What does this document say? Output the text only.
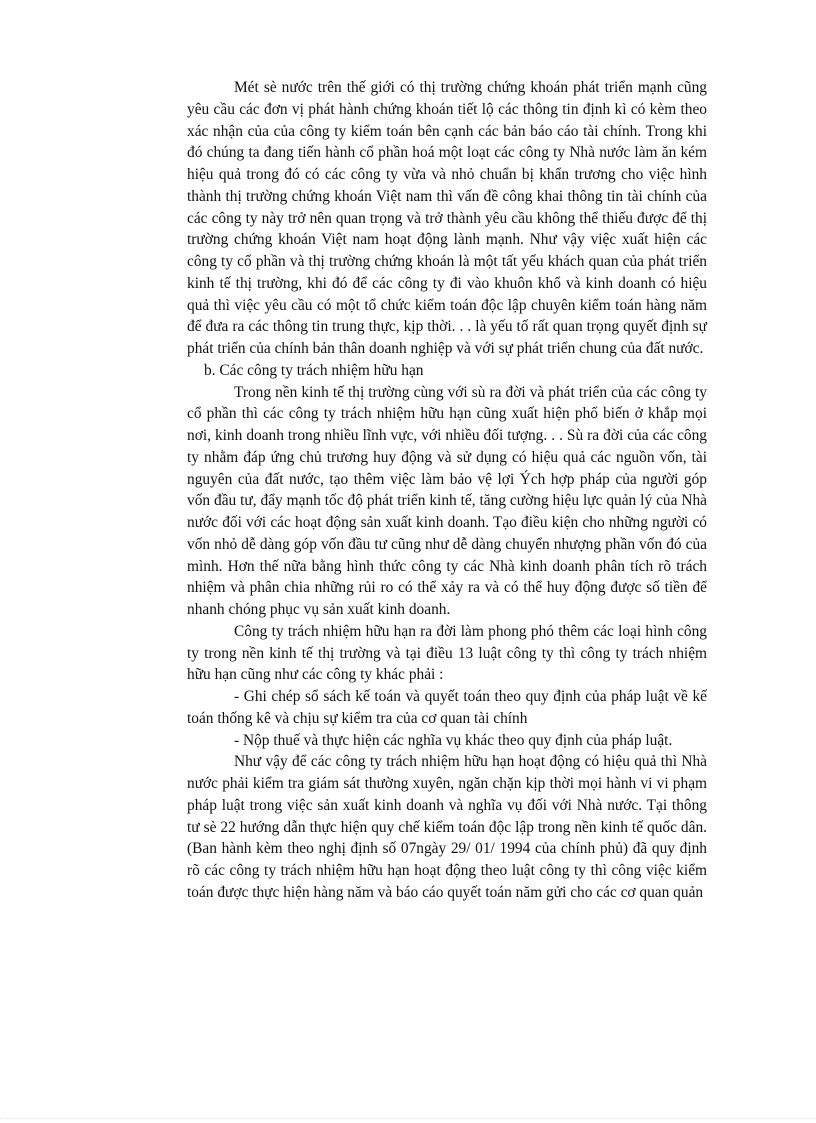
Mét sè nước trên thế giới có thị trường chứng khoán phát triển mạnh cũng yêu cầu các đơn vị phát hành chứng khoán tiết lộ các thông tin định kì có kèm theo xác nhận của của công ty kiểm toán bên cạnh các bản báo cáo tài chính. Trong khi đó chúng ta đang tiến hành cổ phần hoá một loạt các công ty Nhà nước làm ăn kém hiệu quả trong đó có các công ty vừa và nhỏ chuẩn bị khẩn trương cho việc hình thành thị trường chứng khoán Việt nam thì vấn đề công khai thông tin tài chính của các công ty này trở nên quan trọng và trở thành yêu cầu không thể thiếu được để thị trường chứng khoán Việt nam hoạt động lành mạnh. Như vậy việc xuất hiện các công ty cổ phần và thị trường chứng khoán là một tất yếu khách quan của phát triển kinh tế thị trường, khi đó để các công ty đi vào khuôn khổ và kinh doanh có hiệu quả thì việc yêu cầu có một tổ chức kiểm toán độc lập chuyên kiểm toán hàng năm để đưa ra các thông tin trung thực, kịp thời. . . là yếu tố rất quan trọng quyết định sự phát triển của chính bản thân doanh nghiệp và với sự phát triển chung của đất nước.

b. Các công ty trách nhiệm hữu hạn

Trong nền kinh tế thị trường cùng với sù ra đời và phát triển của các công ty cổ phần thì các công ty trách nhiệm hữu hạn cũng xuất hiện phổ biến ở khắp mọi nơi, kinh doanh trong nhiều lĩnh vực, với nhiều đối tượng. . . Sù ra đời của các công ty nhằm đáp ứng chủ trương huy động và sử dụng có hiệu quả các nguồn vốn, tài nguyên của đất nước, tạo thêm việc làm bảo vệ lợi Ých hợp pháp của người góp vốn đầu tư, đẩy mạnh tốc độ phát triển kinh tế, tăng cường hiệu lực quản lý của Nhà nước đối với các hoạt động sản xuất kinh doanh. Tạo điều kiện cho những người có vốn nhỏ dễ dàng góp vốn đầu tư cũng như dễ dàng chuyển nhượng phần vốn đó của mình. Hơn thế nữa bằng hình thức công ty các Nhà kinh doanh phân tích rõ trách nhiệm và phân chia những rủi ro có thể xảy ra và có thể huy động được số tiền để nhanh chóng phục vụ sản xuất kinh doanh.

Công ty trách nhiệm hữu hạn ra đời làm phong phó thêm các loại hình công ty trong nền kinh tế thị trường và tại điều 13 luật công ty thì công ty trách nhiệm hữu hạn cũng như các công ty khác phải :

- Ghi chép sổ sách kế toán và quyết toán theo quy định của pháp luật về kế toán thống kê và chịu sự kiểm tra của cơ quan tài chính

- Nộp thuế và thực hiện các nghĩa vụ khác theo quy định của pháp luật.

Như vậy để các công ty trách nhiệm hữu hạn hoạt động có hiệu quả thì Nhà nước phải kiểm tra giám sát thường xuyên, ngăn chặn kịp thời mọi hành vi vi phạm pháp luật trong việc sản xuất kinh doanh và nghĩa vụ đối với Nhà nước. Tại thông tư sè 22 hướng dẫn thực hiện quy chế kiểm toán độc lập trong nền kinh tế quốc dân. (Ban hành kèm theo nghị định số 07ngày 29/ 01/ 1994 của chính phủ) đã quy định rõ các công ty trách nhiệm hữu hạn hoạt động theo luật công ty thì công việc kiểm toán được thực hiện hàng năm và báo cáo quyết toán năm gửi cho các cơ quan quản
